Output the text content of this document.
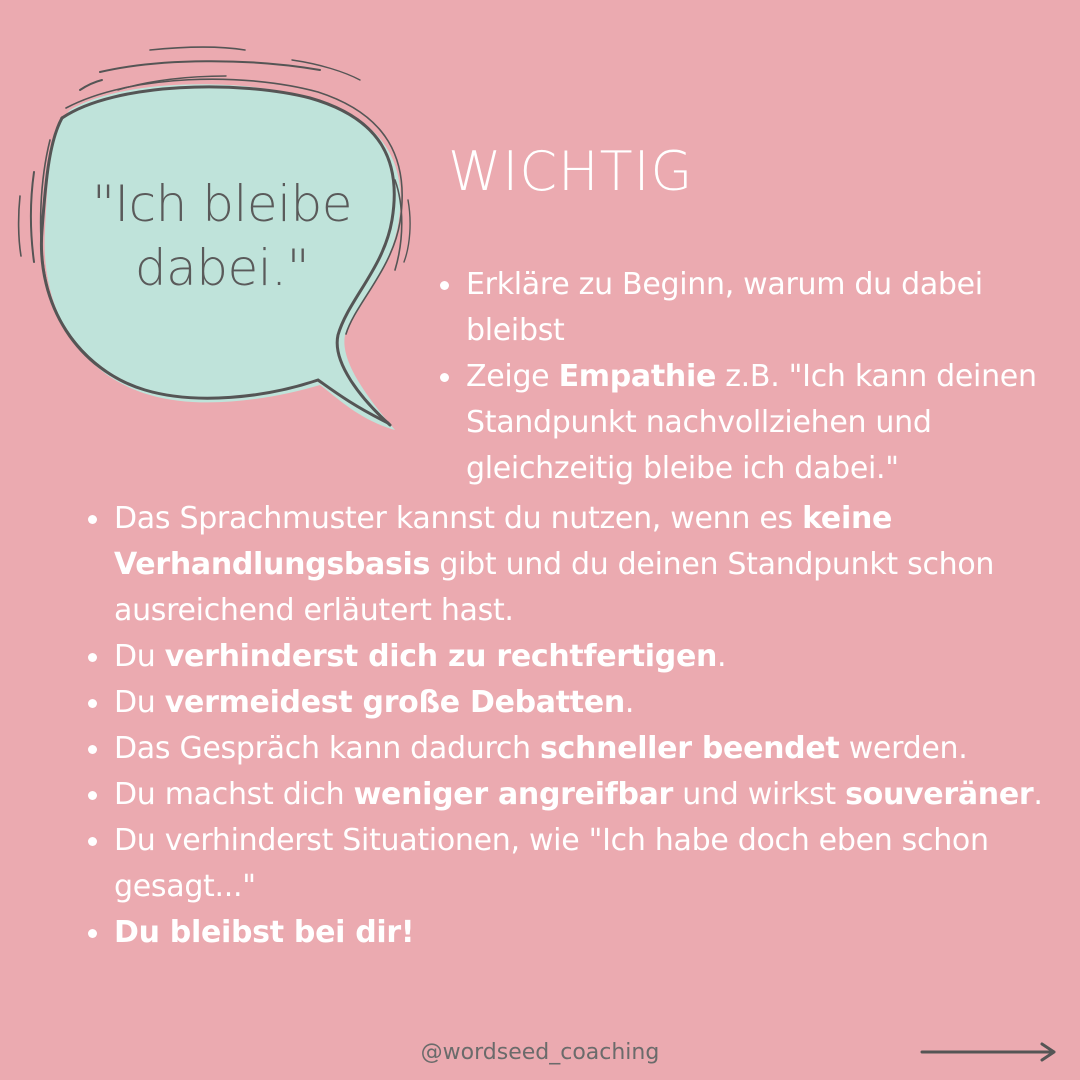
"Ich bleibe
dabei."
WICHTIG
Erkläre zu Beginn, warum du dabei bleibst
Zeige Empathie z.B. "Ich kann deinen Standpunkt nachvollziehen und gleichzeitig bleibe ich dabei."
Das Sprachmuster kannst du nutzen, wenn es keine Verhandlungsbasis gibt und du deinen Standpunkt schon ausreichend erläutert hast.
Du verhinderst dich zu rechtfertigen.
Du vermeidest große Debatten.
Das Gespräch kann dadurch schneller beendet werden.
Du machst dich weniger angreifbar und wirkst souveräner.
Du verhinderst Situationen, wie "Ich habe doch eben schon gesagt..."
Du bleibst bei dir!
@wordseed_coaching
